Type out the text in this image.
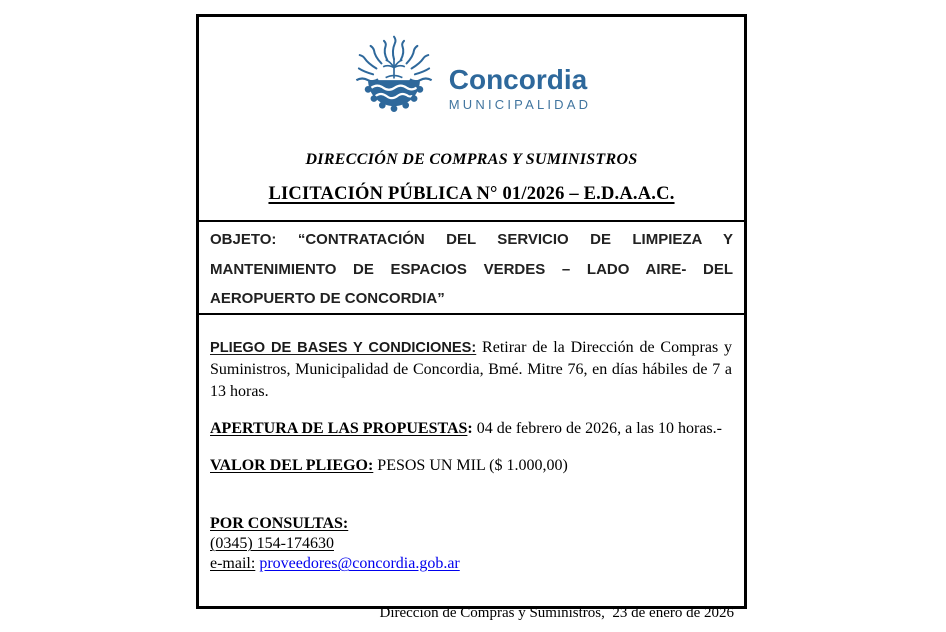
Concordia
MUNICIPALIDAD
DIRECCIÓN DE COMPRAS Y SUMINISTROS
LICITACIÓN PÚBLICA N° 01/2026 – E.D.A.A.C.
OBJETO: “CONTRATACIÓN DEL SERVICIO DE LIMPIEZA Y MANTENIMIENTO DE ESPACIOS VERDES – LADO AIRE- DEL AEROPUERTO DE CONCORDIA”

PLIEGO DE BASES Y CONDICIONES: Retirar de la Dirección de Compras y Suministros, Municipalidad de Concordia, Bmé. Mitre 76, en días hábiles de 7 a 13 horas.

APERTURA DE LAS PROPUESTAS: 04 de febrero de 2026, a las 10 horas.-

VALOR DEL PLIEGO: PESOS UN MIL ($ 1.000,00)

POR CONSULTAS:

(0345) 154-174630

e-mail: proveedores@concordia.gob.ar

Dirección de Compras y Suministros,  23 de enero de 2026
